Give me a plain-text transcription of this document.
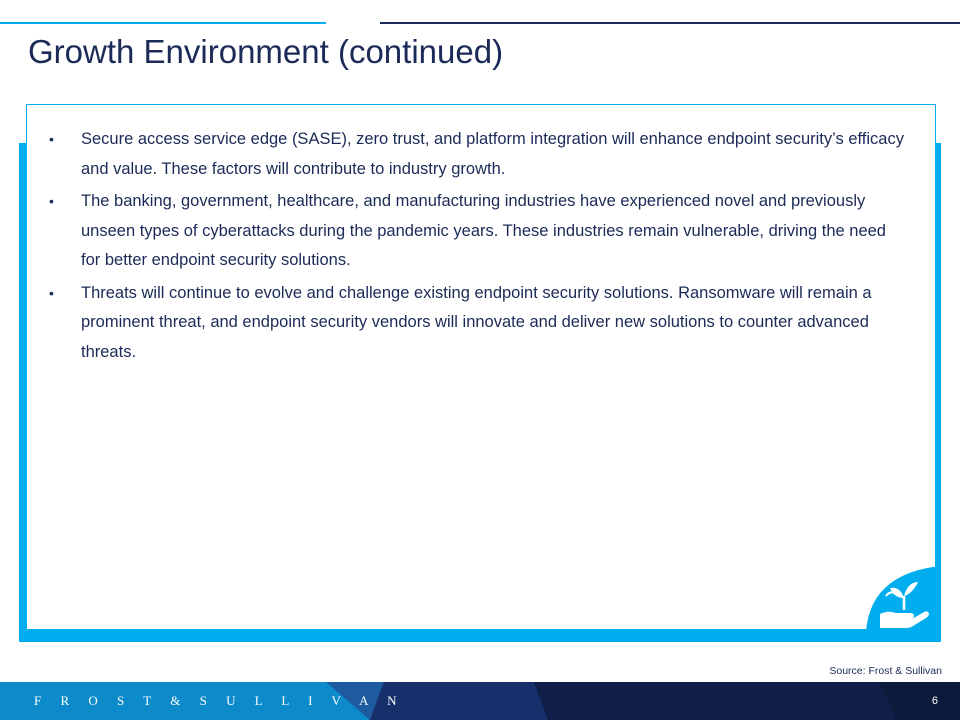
Growth Environment (continued)
• Secure access service edge (SASE), zero trust, and platform integration will enhance endpoint security’s efficacy and value. These factors will contribute to industry growth.
• The banking, government, healthcare, and manufacturing industries have experienced novel and previously unseen types of cyberattacks during the pandemic years. These industries remain vulnerable, driving the need for better endpoint security solutions.
• Threats will continue to evolve and challenge existing endpoint security solutions. Ransomware will remain a prominent threat, and endpoint security vendors will innovate and deliver new solutions to counter advanced threats.
Source: Frost & Sullivan
F R O S T & S U L L I V A N	6
